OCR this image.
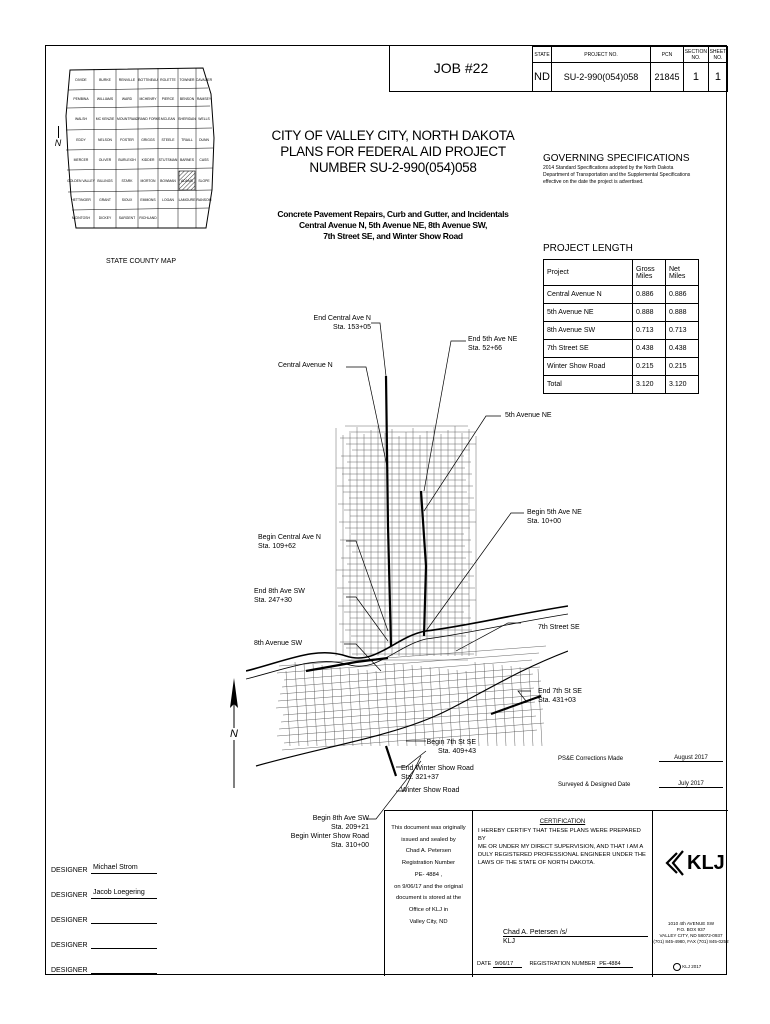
DIVIDE	BURKE RENVILLE BOTTINEAU ROLETTE TOWNER CAVALIER
PEMBINA WILLIAMS	WARD MCHENRY PIERCE BENSON RAMSEY
WALSH	MC KENZIE MOUNTRAIL
GRAND FORKS MCLEAN SHERIDAN WELLS
EDDY	NELSON FOSTER GRIGGS STEELE TRAILL DUNN
MERCER	OLIVER BURLEIGH KIDDER STUTSMAN BARNES CASS
GOLDEN VALLEY BILLINGS	STARK MORTON BOWMAN ADAMS SLOPE
HETTINGER GRANT	SIOUX EMMONS LOGAN LAMOURE RANSOM
MCINTOSH	DICKEY SARGENT RICHLAND
N
STATE COUNTY MAP
JOB #22
STATE	PROJECT NO.	PCN	SECTION NO.	SHEET NO.
ND	SU-2-990(054)058	21845	1	1
CITY OF VALLEY CITY, NORTH DAKOTA
PLANS FOR FEDERAL AID PROJECT
NUMBER SU-2-990(054)058
Concrete Pavement Repairs, Curb and Gutter, and Incidentals
Central Avenue N, 5th Avenue NE, 8th Avenue SW,
7th Street SE, and Winter Show Road
GOVERNING SPECIFICATIONS
2014 Standard Specifications adopted by the North Dakota
Department of Transportation and the Supplemental Specifications
effective on the date the project is advertised.
PROJECT LENGTH
Project	Gross Miles	Net Miles
Central Avenue N	0.886	0.886
5th Avenue NE	0.888	0.888
8th Avenue SW	0.713	0.713
7th Street SE	0.438	0.438
Winter Show Road	0.215	0.215
Total	3.120	3.120
End Central Ave N
Sta. 153+05
End 5th Ave NE
Sta. 52+66
Central Avenue N
5th Avenue NE
Begin 5th Ave NE
Sta. 10+00
Begin Central Ave N
Sta. 109+62
End 8th Ave SW
Sta. 247+30
7th Street SE
8th Avenue SW
End 7th St SE
Sta. 431+03
Begin 7th St SE
Sta. 409+43
End Winter Show Road
Sta. 321+37
Winter Show Road
Begin 8th Ave SW
Sta. 209+21
Begin Winter Show Road
Sta. 310+00
N
PS&E Corrections Made	August 2017
Surveyed & Designed Date	July 2017
DESIGNER Michael Strom
DESIGNER Jacob Loegering
DESIGNER
DESIGNER
DESIGNER
This document was originally
issued and sealed by
Chad A. Petersen
Registration Number
PE- 4884 ,
on 9/06/17 and the original
document is stored at the
Office of KLJ in
Valley City, ND
CERTIFICATION
I HEREBY CERTIFY THAT THESE PLANS WERE PREPARED BY
ME OR UNDER MY DIRECT SUPERVISION, AND THAT I AM A
DULY REGISTERED PROFESSIONAL ENGINEER UNDER THE
LAWS OF THE STATE OF NORTH DAKOTA.
Chad A. Petersen /s/
KLJ
DATE 9/06/17	REGISTRATION NUMBER PE-4884
KLJ
1010 4th AVENUE SW
P.O. BOX 937
VALLEY CITY, ND 58072-0937
(701) 845-4980, FAX (701) 845-0252
KLJ 2017
